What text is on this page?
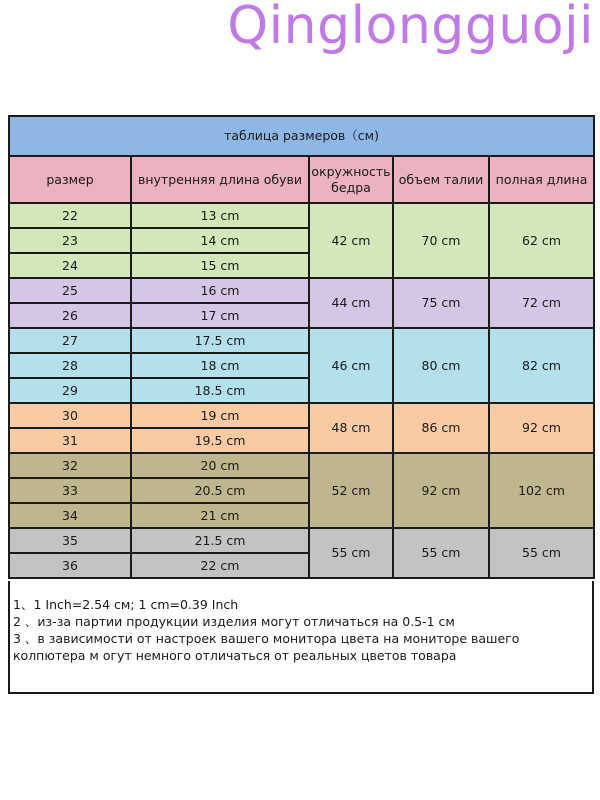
Qinglongguoji
таблица размеров（см)				
размер	внутренняя длина обуви	окружность бедра	объем талии	полная длина
22	13 cm	42 cm	70 cm	62 cm
23	14 cm			
24	15 cm			
25	16 cm	44 cm	75 cm	72 cm
26	17 cm			
27	17.5 cm	46 cm	80 cm	82 cm
28	18 cm			
29	18.5 cm			
30	19 cm	48 cm	86 cm	92 cm
31	19.5 cm			
32	20 cm	52 cm	92 cm	102 cm
33	20.5 cm			
34	21 cm			
35	21.5 cm	55 cm	55 cm	55 cm
36	22 cm			

1、1 Inch=2.54 см; 1 cm=0.39 Inch

2 、из-за партии продукции изделия могут отличаться на 0.5-1 см

3 、в зависимости от настроек вашего монитора цвета на мониторе вашего колпютера м огут немного отличаться от реальных цветов товара
